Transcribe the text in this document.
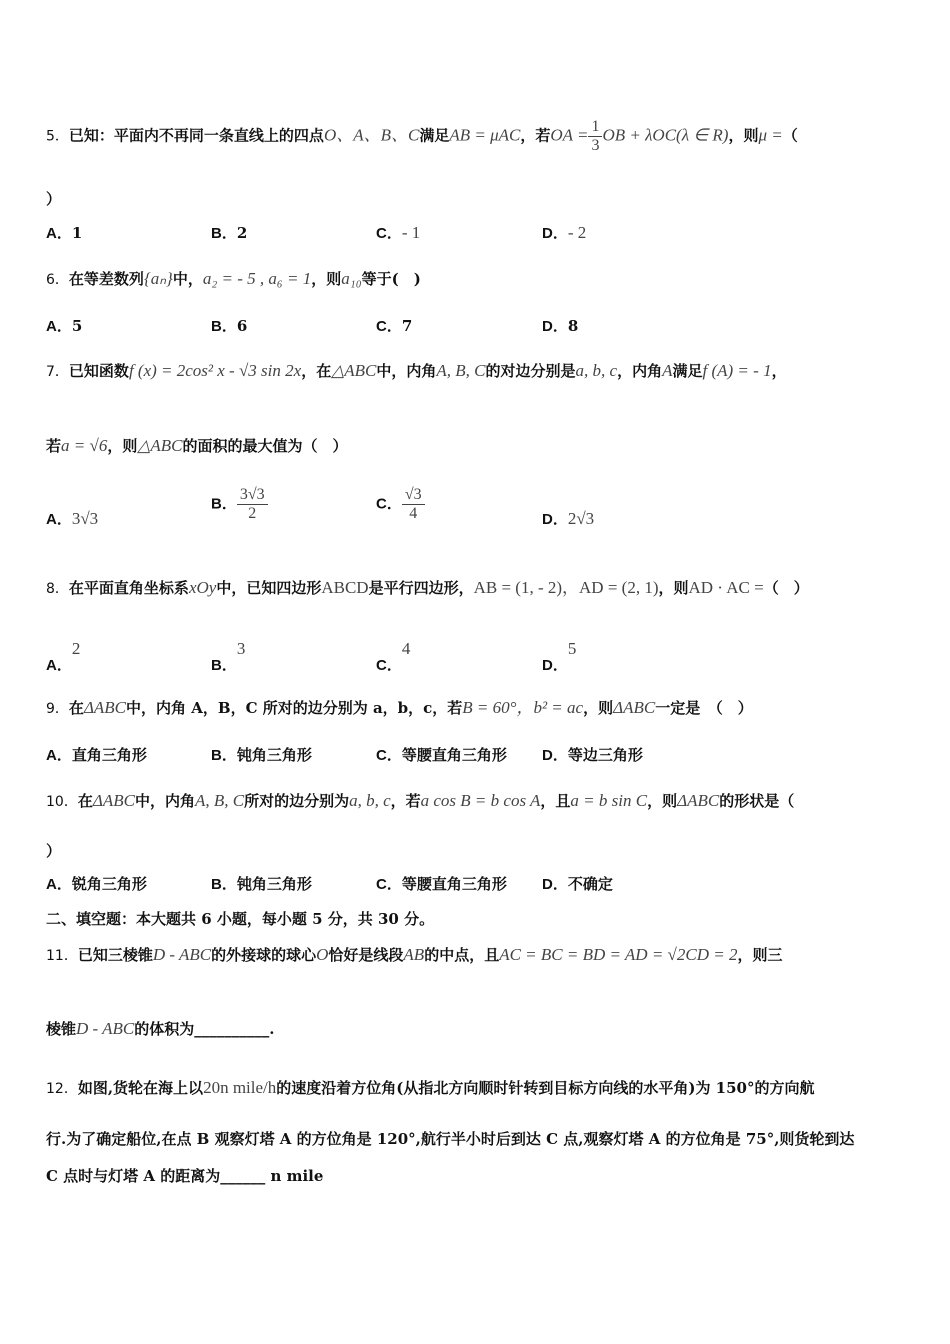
5．已知：平面内不再同一条直线上的四点O、A、B、C满足AB = μAC，若OA = $\frac{1}{3}$ OB + λOC(λ ∈ R)，则μ =（
）
A．1	B．2	C．- 1	D．- 2
6．在等差数列{aₙ}中，a₂ = - 5 , a₆ = 1，则a₁₀等于(　)
A．5	B．6	C．7	D．8
7．已知函数f (x) = 2cos² x - √3 sin 2x，在△ABC中，内角A, B, C的对边分别是a, b, c，内角A满足f (A) = - 1，
若a = √6，则△ABC的面积的最大值为（　）
A．3√3
B． $\frac{3√3}{2}$	C． $\frac{√3}{4}$	D．2√3
8．在平面直角坐标系xOy中，已知四边形ABCD是平行四边形，AB = (1, - 2)，AD = (2, 1)，则AD · AC =（　）
A．2
B．3
C．4
D．5
9．在ΔABC中，内角 A，B，C 所对的边分别为 a，b，c，若B = 60°，b² = ac，则ΔABC一定是　（　）
A．直角三角形	B．钝角三角形	C．等腰直角三角形 D．等边三角形
10．在ΔABC中，内角A, B, C所对的边分别为a, b, c，若a cos B = b cos A，且a = b sin C，则ΔABC的形状是（
）
A．锐角三角形	B．钝角三角形	C．等腰直角三角形 D．不确定
二、填空题：本大题共 6 小题，每小题 5 分，共 30 分。
11．已知三棱锥D - ABC的外接球的球心O恰好是线段AB的中点，且AC = BC = BD = AD = √2CD = 2，则三
棱锥D - ABC的体积为__________.
12．如图,货轮在海上以20n mile/h的速度沿着方位角(从指北方向顺时针转到目标方向线的水平角)为 150°的方向航
行.为了确定船位,在点 B 观察灯塔 A 的方位角是 120°,航行半小时后到达 C 点,观察灯塔 A 的方位角是 75°,则货轮到达
C 点时与灯塔 A 的距离为______ n mile
